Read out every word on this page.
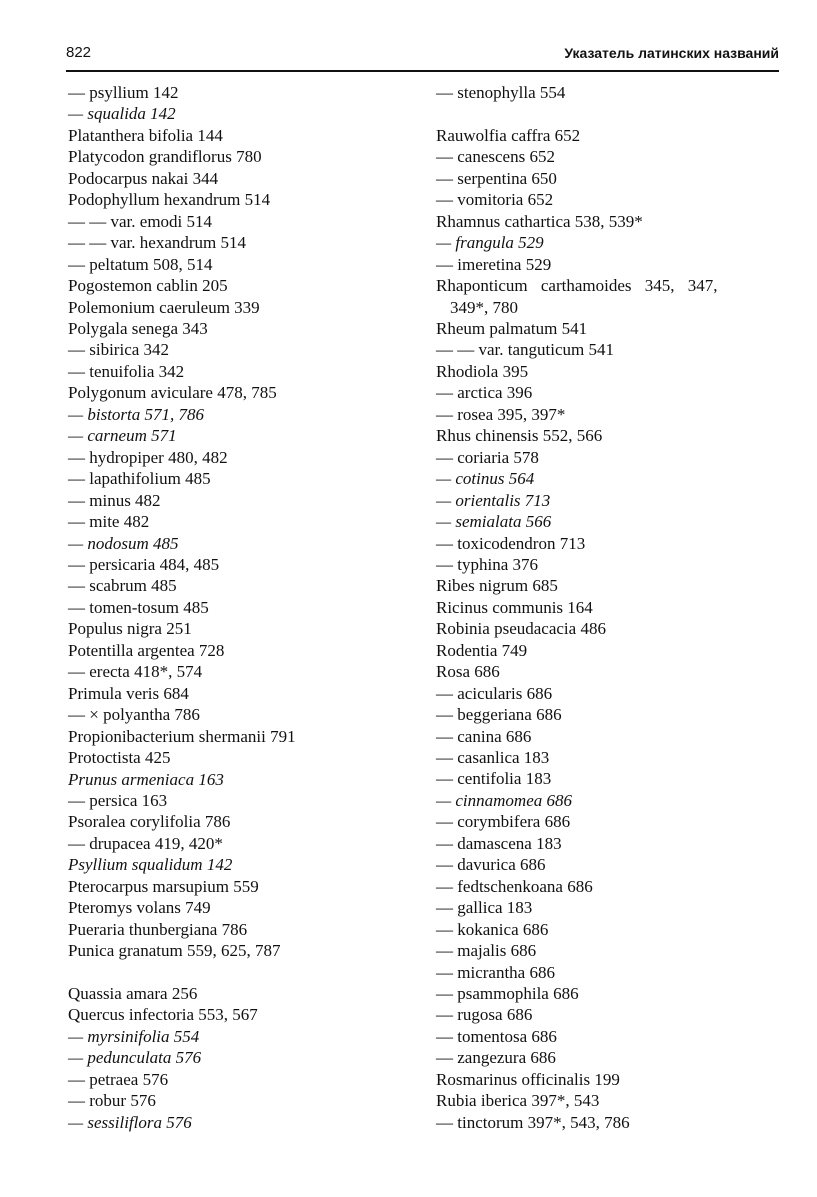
822	Указатель латинских названий
— psyllium 142
— squalida 142
Platanthera bifolia 144
Platycodon grandiflorus 780
Podocarpus nakai 344
Podophyllum hexandrum 514
— — var. emodi 514
— — var. hexandrum 514
— peltatum 508, 514
Pogostemon cablin 205
Polemonium caeruleum 339
Polygala senega 343
— sibirica 342
— tenuifolia 342
Polygonum aviculare 478, 785
— bistorta 571, 786
— carneum 571
— hydropiper 480, 482
— lapathifolium 485
— minus 482
— mite 482
— nodosum 485
— persicaria 484, 485
— scabrum 485
— tomen-tosum 485
Populus nigra 251
Potentilla argentea 728
— erecta 418*, 574
Primula veris 684
— × polyantha 786
Propionibacterium shermanii 791
Protoctista 425
Prunus armeniaca 163
— persica 163
Psoralea corylifolia 786
— drupacea 419, 420*
Psyllium squalidum 142
Pterocarpus marsupium 559
Pteromys volans 749
Pueraria thunbergiana 786
Punica granatum 559, 625, 787
Quassia amara 256
Quercus infectoria 553, 567
— myrsinifolia 554
— pedunculata 576
— petraea 576
— robur 576
— sessiliflora 576
— stenophylla 554
Rauwolfia caffra 652
— canescens 652
— serpentina 650
— vomitoria 652
Rhamnus cathartica 538, 539*
— frangula 529
— imeretina 529
Rhaponticum carthamoides 345, 347,
349*, 780
Rheum palmatum 541
— — var. tanguticum 541
Rhodiola 395
— arctica 396
— rosea 395, 397*
Rhus chinensis 552, 566
— coriaria 578
— cotinus 564
— orientalis 713
— semialata 566
— toxicodendron 713
— typhina 376
Ribes nigrum 685
Ricinus communis 164
Robinia pseudacacia 486
Rodentia 749
Rosa 686
— acicularis 686
— beggeriana 686
— canina 686
— casanlica 183
— centifolia 183
— cinnamomea 686
— corymbifera 686
— damascena 183
— davurica 686
— fedtschenkoana 686
— gallica 183
— kokanica 686
— majalis 686
— micrantha 686
— psammophila 686
— rugosa 686
— tomentosa 686
— zangezura 686
Rosmarinus officinalis 199
Rubia iberica 397*, 543
— tinctorum 397*, 543, 786
